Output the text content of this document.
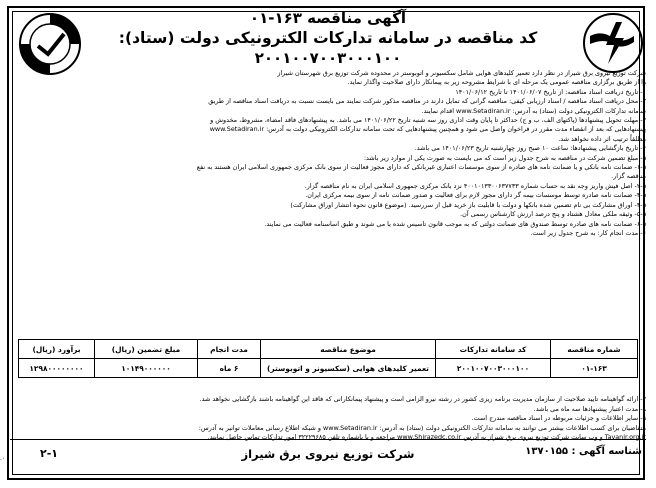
آگهی مناقصه ۱۶۳-۰۱
کد مناقصه در سامانه تدارکات الکترونیکی دولت (ستاد):
۲۰۰۱۰۰۷۰۰۳۰۰۰۱۰۰

شرکت توزیع نیروی برق شیراز در نظر دارد تعمیر کلیدهای هوایی شامل سکسیونر و اتوبوستر در محدوده شرکت توزیع برق شهرستان شیراز

را از طریق برگزاری مناقصه عمومی یک مرحله ای با شرایط مشروحه زیر به پیمانکار دارای صلاحیت واگذار نماید.

۱- تاریخ دریافت اسناد مناقصه: از تاریخ ۱۴۰۱/۰۶/۰۷ تا تاریخ ۱۴۰۱/۰۶/۱۲

۲- محل دریافت اسناد مناقصه / اسناد ارزیابی کیفی: مناقصه گرانی که تمایل دارند در مناقصه مذکور شرکت نمایند می بایست نسبت به دریافت اسناد مناقصه از طریق

سامانه تدارکات الکترونیکی دولت (ستاد) به آدرس: www.Setadiran.ir اقدام نمایند.

۳- مهلت تحویل پیشنهادها (پاکتهای الف، ب و ج) حداکثر تا پایان وقت اداری روز سه شنبه تاریخ ۱۴۰۱/۰۶/۲۲ می باشد. به پیشنهادهای فاقد امضاء، مشروط، مخدوش و

پیشنهادهایی که بعد از انقضاء مدت مقرر در فراخوان واصل می شود و همچنین پیشنهادهایی که تحت سامانه تدارکات الکترونیکی دولت به آدرس: www.Setadiran.ir

مطلقاً ترتیب اثر داده نخواهد شد.

۴- تاریخ بازگشایی پیشنهادها: ساعت ۱۰ صبح روز چهارشنبه تاریخ ۱۴۰۱/۰۶/۲۳ می باشد.

۵- مبلغ تضمین شرکت در مناقصه به شرح جدول زیر است که می بایست به صورت یکی از موارد زیر باشد:

۱-۵- ضمانت نامه بانکی و یا ضمانت نامه های صادره از سوی موسسات اعتباری غیربانکی که دارای مجوز فعالیت از سوی بانک مرکزی جمهوری اسلامی ایران هستند به نفع

مناقصه گزار.

۲-۵- اصل فیش واریز وجه نقد به حساب شماره ۴۰۰۱۰۱۳۳۰۰۶۳۷۷۳۳ نزد بانک مرکزی جمهوری اسلامی ایران به نام مناقصه گزار.

۳-۵- ضمانت نامه صادره توسط موسسات بیمه گر دارای مجوز لازم برای فعالیت و صدور ضمانت نامه از سوی بیمه مرکزی ایران.

۴-۵- اوراق مشارکت بی نام تضمین شده بانکها و دولت با قابلیت باز خرید قبل از سررسید. (موضوع قانون نحوه انتشار اوراق مشارکت)

۵-۵- وثیقه ملکی معادل هشتاد و پنج درصد ارزش کارشناس رسمی آن.

۶-۵- ضمانت نامه های صادره توسط صندوق های ضمانت دولتی که به موجب قانون تاسیس شده یا می شوند و طبق اساسنامه فعالیت می نمایند.

۶- مدت انجام کار: به شرح جدول زیر است.

شماره مناقصه	کد سامانه تدارکات	موضوع مناقصه	مدت انجام	مبلغ تضمین (ریال)	برآورد (ریال)
۰۱-۱۶۳	۲۰۰۱۰۰۷۰۰۳۰۰۰۱۰۰	تعمیر کلیدهای هوایی (سکسیونر و اتوبوستر)	۶ ماه	۱۰۱۴۹۰۰۰۰۰۰	۱۲۹۸۰۰۰۰۰۰۰۰

۷- ارائه گواهینامه تایید صلاحیت از سازمان مدیریت برنامه ریزی کشور در رشته نیرو الزامی است و پیشنهاد پیمانکارانی که فاقد این گواهینامه باشند بازگشایی نخواهد شد.

۸- مدت اعتبار پیشنهادها سه ماه می باشد.

۹- سایر اطلاعات و جزئیات مربوطه در اسناد مناقصه مندرج است.

متقاضیان برای کسب اطلاعات بیشتر می توانند به سامانه تدارکات الکترونیکی دولت (ستاد) به آدرس: www.Setadiran.ir و شبکه اطلاع رسانی معاملات توانیر به آدرس:

Tavanir.org.ir و وب سایت شرکت توزیع نیروی برق شیراز به آدرس www.Shirazedc.co.ir مراجعه و یا باشماره تلفن ۳۲۲۲۹۶۸۵ امور تدارکات تماس حاصل نمایند.

شناسه آگهی : ۱۳۷۰۱۵۵
شرکت توزیع نیروی برق شیراز
۲-۱
۰.
